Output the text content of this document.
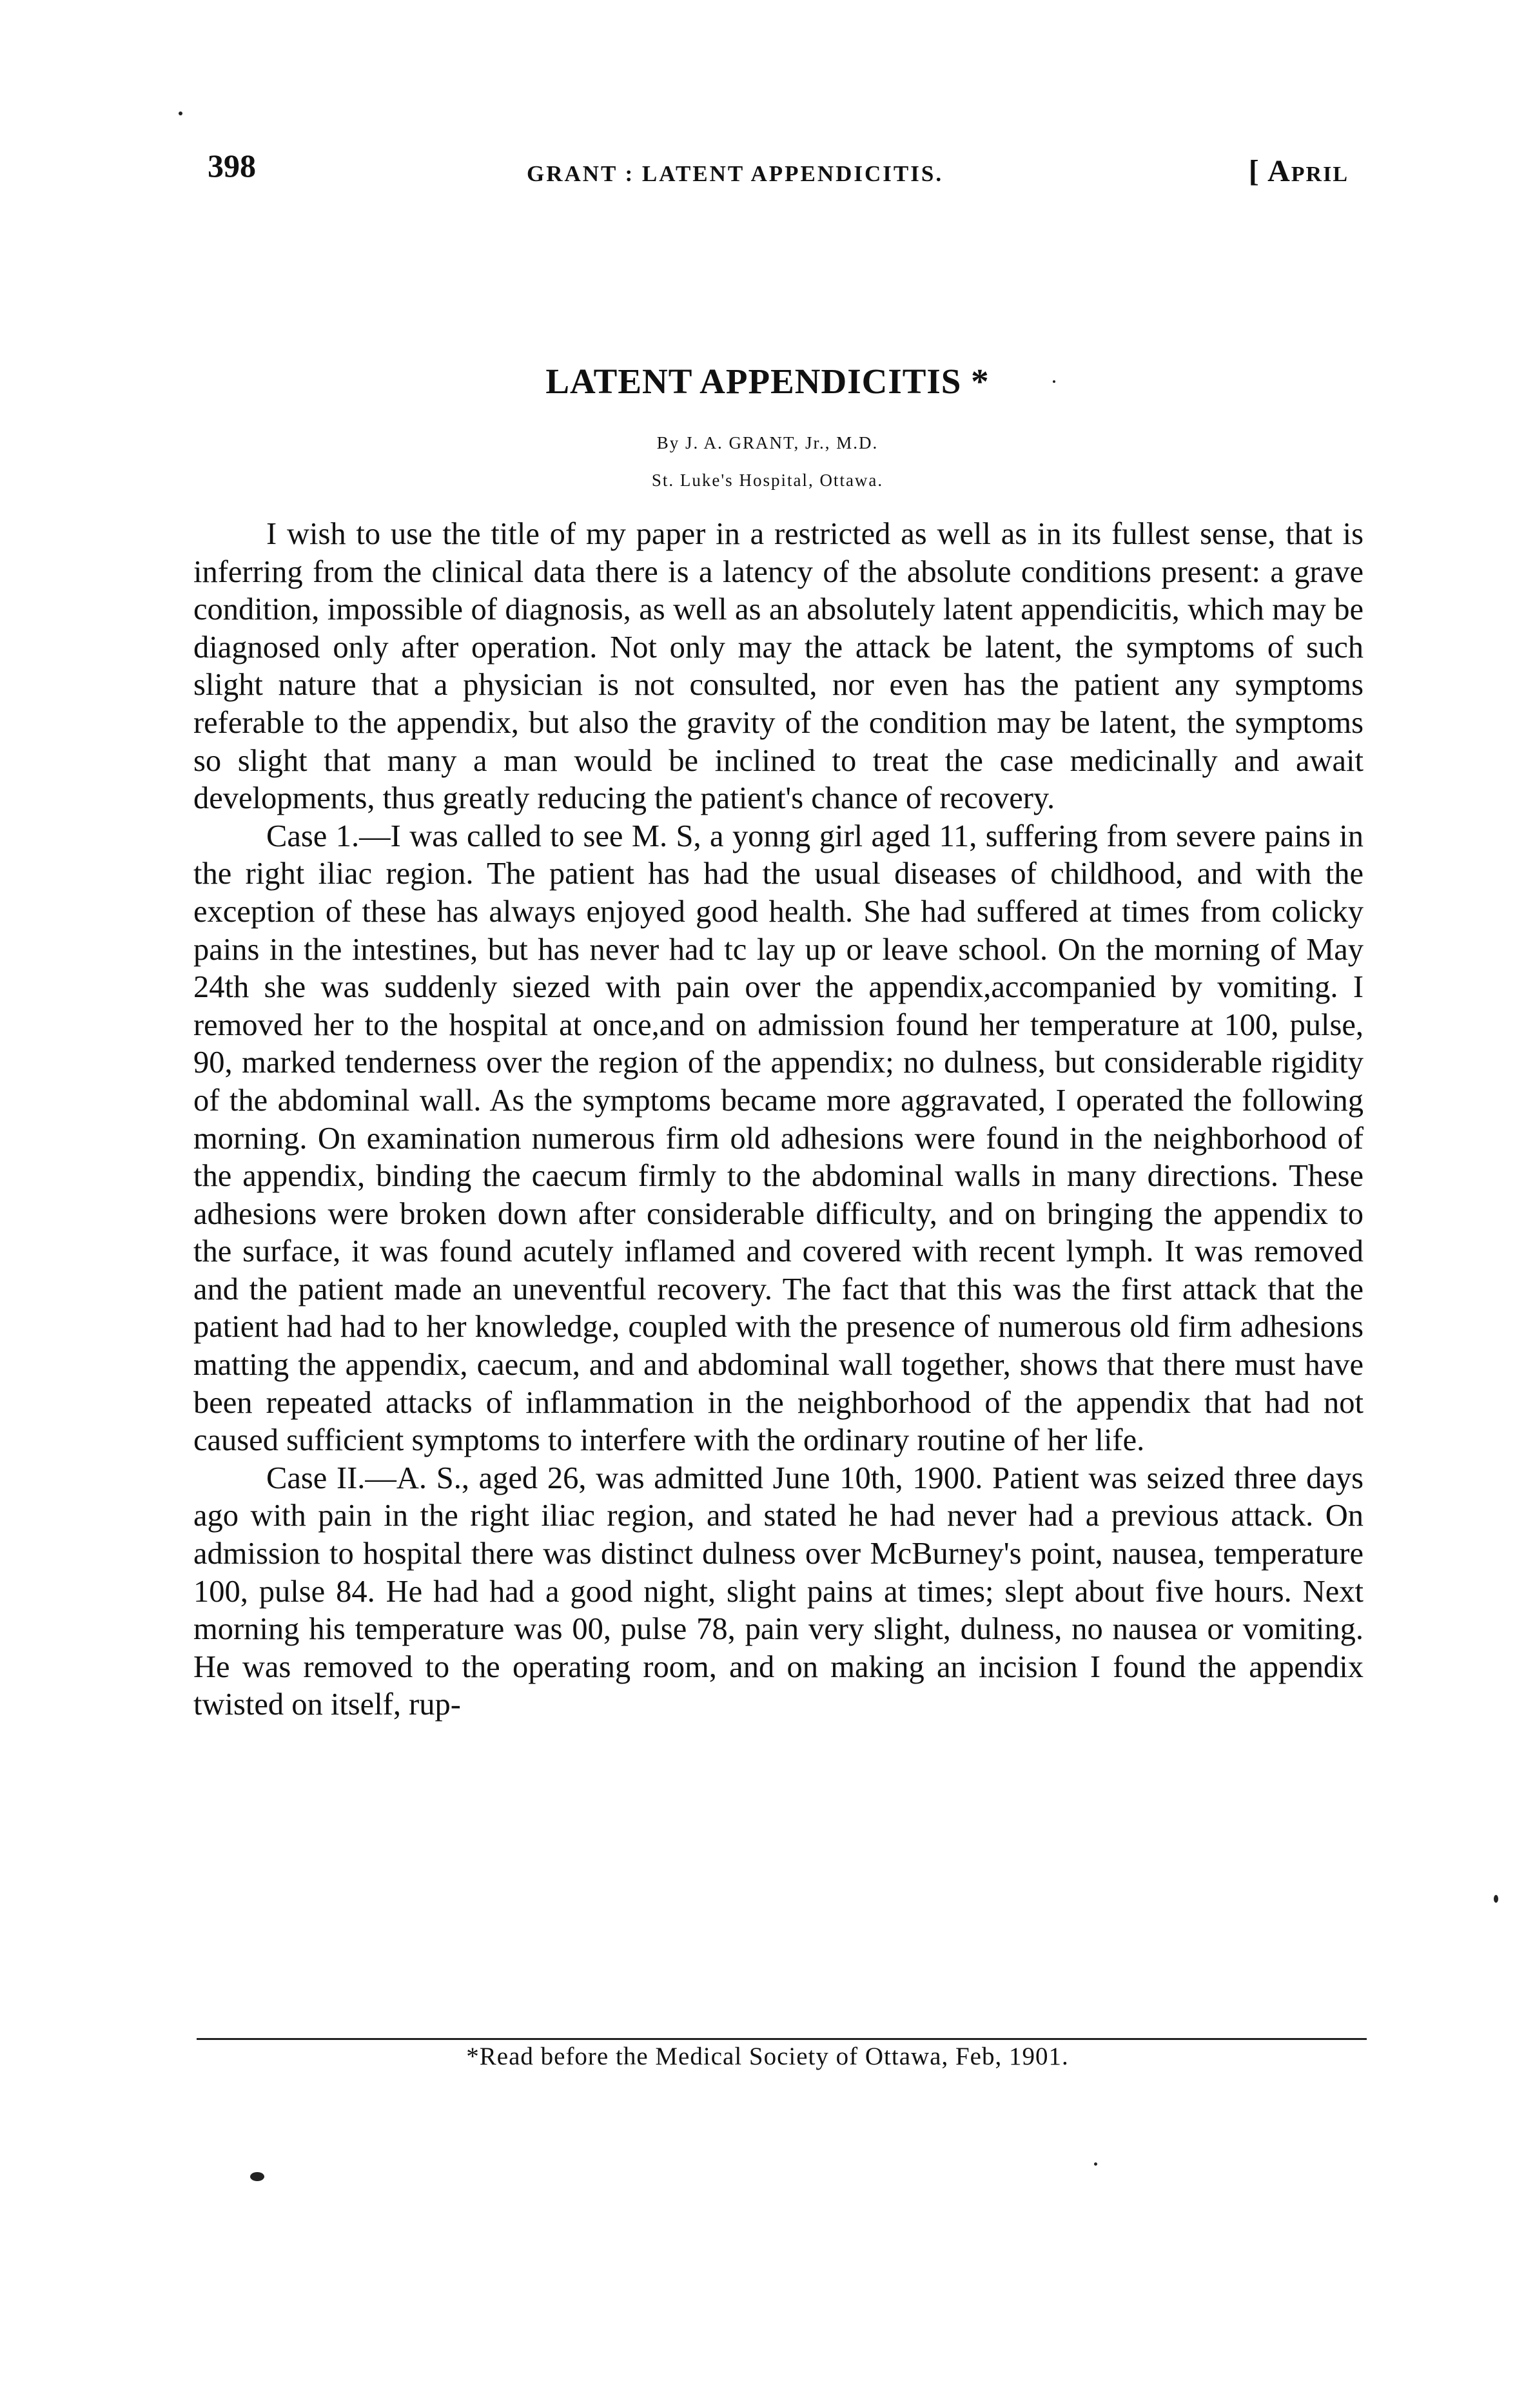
398	GRANT : LATENT APPENDICITIS.	[ April
LATENT APPENDICITIS *
By J. A. GRANT, Jr., M.D.
St. Luke's Hospital, Ottawa.

I wish to use the title of my paper in a restricted as well as in its fullest sense, that is inferring from the clinical data there is a latency of the absolute conditions present: a grave condition, impossible of diagnosis, as well as an absolutely latent appendicitis, which may be diagnosed only after operation. Not only may the attack be latent, the symptoms of such slight nature that a physician is not consulted, nor even has the patient any symptoms referable to the appendix, but also the gravity of the condition may be latent, the symptoms so slight that many a man would be inclined to treat the case medicinally and await developments, thus greatly reducing the patient's chance of recovery.

Case 1.—I was called to see M. S, a yonng girl aged 11, suffering from severe pains in the right iliac region. The patient has had the usual diseases of childhood, and with the exception of these has always enjoyed good health. She had suffered at times from colicky pains in the intestines, but has never had tc lay up or leave school. On the morning of May 24th she was suddenly siezed with pain over the appendix,accompanied by vomiting. I removed her to the hospital at once,and on admission found her temperature at 100, pulse, 90, marked tenderness over the region of the appendix; no dulness, but considerable rigidity of the abdominal wall. As the symptoms became more aggravated, I operated the following morning. On examination numerous firm old adhesions were found in the neighborhood of the appendix, binding the caecum firmly to the abdominal walls in many directions. These adhesions were broken down after considerable difficulty, and on bringing the appendix to the surface, it was found acutely inflamed and covered with recent lymph. It was removed and the patient made an uneventful recovery. The fact that this was the first attack that the patient had had to her knowledge, coupled with the presence of numerous old firm adhesions matting the appendix, caecum, and and abdominal wall together, shows that there must have been repeated attacks of inflammation in the neighborhood of the appendix that had not caused sufficient symptoms to interfere with the ordinary routine of her life.

Case II.—A. S., aged 26, was admitted June 10th, 1900. Patient was seized three days ago with pain in the right iliac region, and stated he had never had a previous attack. On admission to hospital there was distinct dulness over McBurney's point, nausea, temperature 100, pulse 84. He had had a good night, slight pains at times; slept about five hours. Next morning his temperature was 00, pulse 78, pain very slight, dulness, no nausea or vomiting. He was removed to the operating room, and on making an incision I found the appendix twisted on itself, rup-

*Read before the Medical Society of Ottawa, Feb, 1901.
